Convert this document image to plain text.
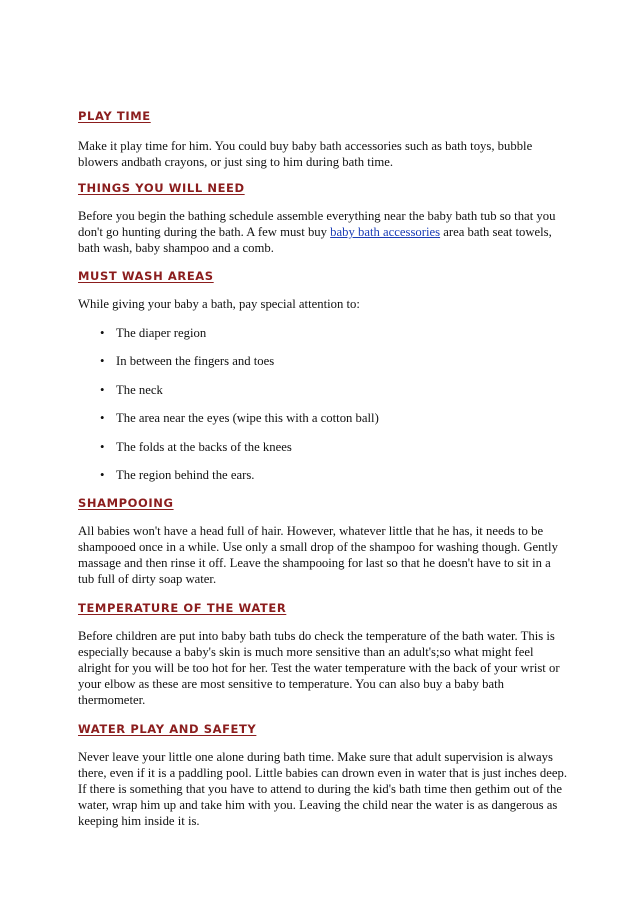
PLAY TIME

Make it play time for him. You could buy baby bath accessories such as bath toys, bubble blowers andbath crayons, or just sing to him during bath time.

THINGS YOU WILL NEED

Before you begin the bathing schedule assemble everything near the baby bath tub so that you don't go hunting during the bath. A few must buy baby bath accessories area bath seat towels, bath wash, baby shampoo and a comb.

MUST WASH AREAS

While giving your baby a bath, pay special attention to:

• The diaper region
• In between the fingers and toes
• The neck
• The area near the eyes (wipe this with a cotton ball)
• The folds at the backs of the knees
• The region behind the ears.
SHAMPOOING

All babies won't have a head full of hair. However, whatever little that he has, it needs to be shampooed once in a while. Use only a small drop of the shampoo for washing though. Gently massage and then rinse it off. Leave the shampooing for last so that he doesn't have to sit in a tub full of dirty soap water.

TEMPERATURE OF THE WATER

Before children are put into baby bath tubs do check the temperature of the bath water. This is especially because a baby's skin is much more sensitive than an adult's;so what might feel alright for you will be too hot for her. Test the water temperature with the back of your wrist or your elbow as these are most sensitive to temperature. You can also buy a baby bath thermometer.

WATER PLAY AND SAFETY

Never leave your little one alone during bath time. Make sure that adult supervision is always there, even if it is a paddling pool. Little babies can drown even in water that is just inches deep. If there is something that you have to attend to during the kid's bath time then gethim out of the water, wrap him up and take him with you. Leaving the child near the water is as dangerous as keeping him inside it is.
